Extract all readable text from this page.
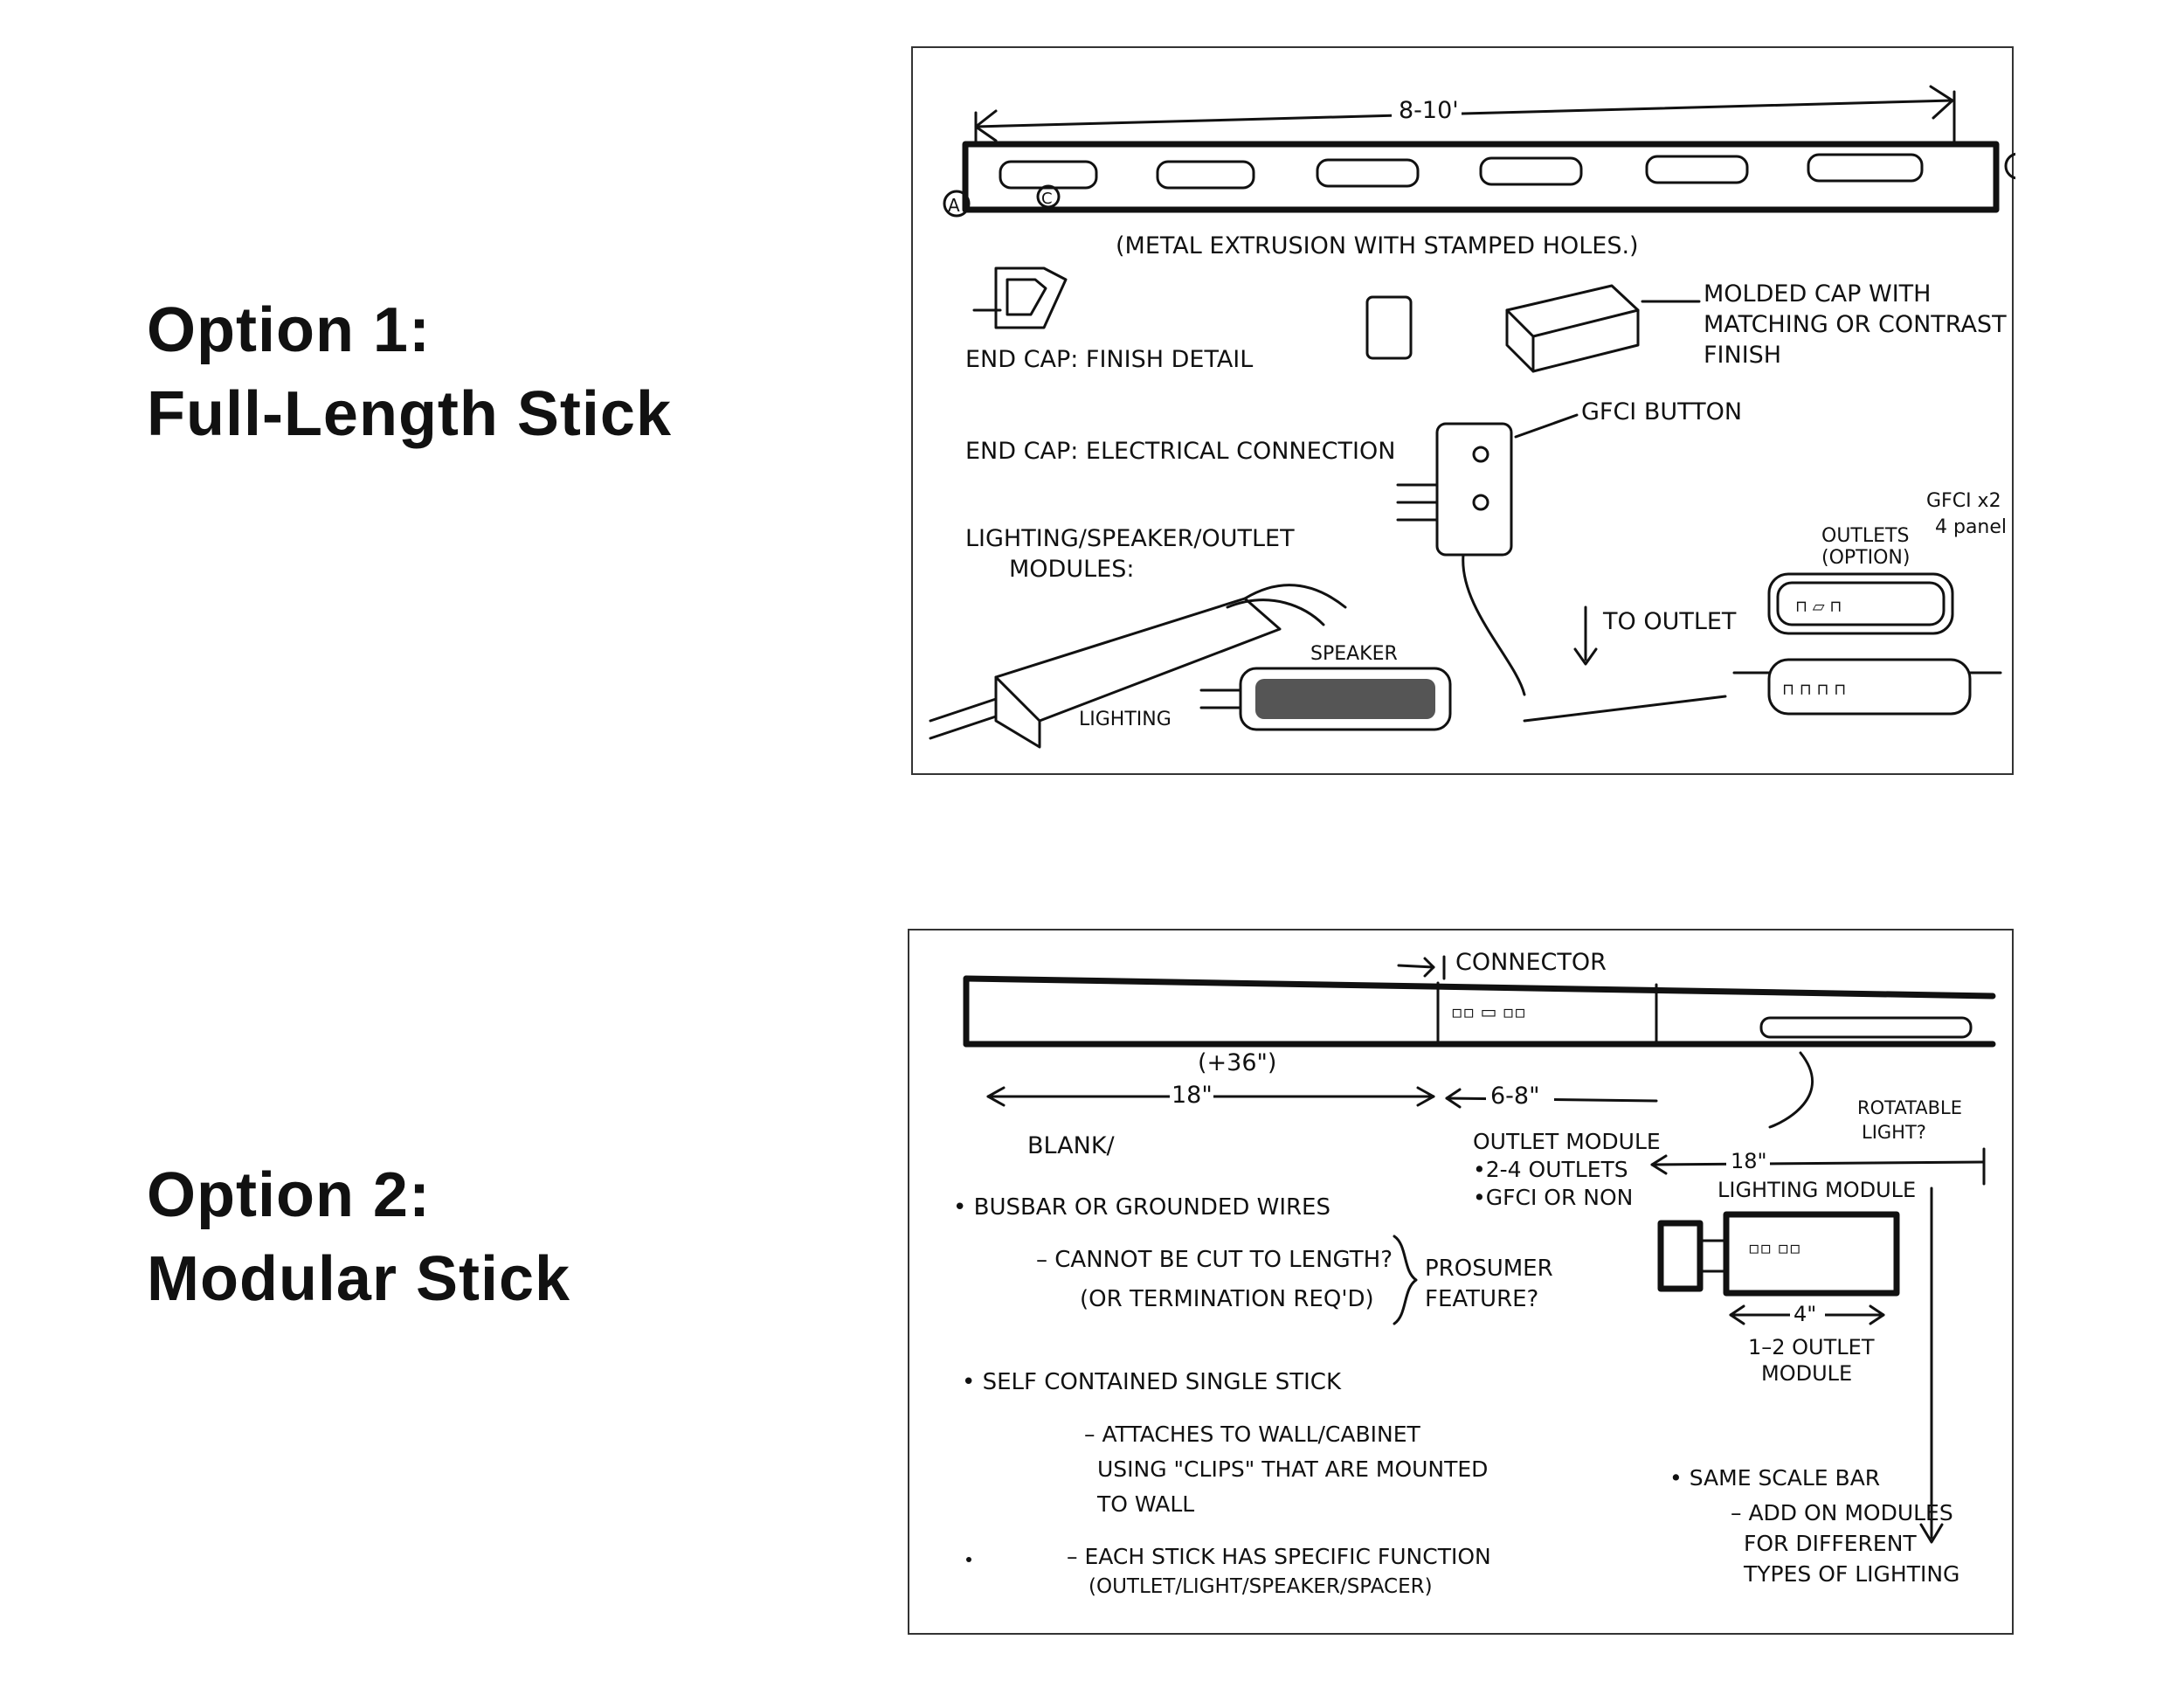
Option 1:
Full-Length Stick
Option 2:
Modular Stick
8-10'
A	C
(METAL EXTRUSION WITH STAMPED HOLES.)
END CAP: FINISH DETAIL
MOLDED CAP WITH
MATCHING OR CONTRAST
FINISH
END CAP: ELECTRICAL CONNECTION
GFCI BUTTON
LIGHTING/SPEAKER/OUTLET
MODULES:
TO OUTLET
OUTLETS
(OPTION)
GFCI x2
4 panel
⊓ ▱ ⊓
⊓ ⊓ ⊓ ⊓
LIGHTING
SPEAKER
▫▫ ▭ ▫▫
CONNECTOR
18"
(+36")
BLANK/
6-8"
OUTLET MODULE
•2-4 OUTLETS
•GFCI OR NON
ROTATABLE
LIGHT?
18"
LIGHTING MODULE
• BUSBAR OR GROUNDED WIRES
– CANNOT BE CUT TO LENGTH?
(OR TERMINATION REQ'D)
PROSUMER
FEATURE?
▫▫ ▫▫
4"
1–2 OUTLET
MODULE
• SELF CONTAINED SINGLE STICK
– ATTACHES TO WALL/CABINET
USING "CLIPS" THAT ARE MOUNTED
TO WALL
– EACH STICK HAS SPECIFIC FUNCTION
(OUTLET/LIGHT/SPEAKER/SPACER)
• SAME SCALE BAR
– ADD ON MODULES
FOR DIFFERENT
TYPES OF LIGHTING
